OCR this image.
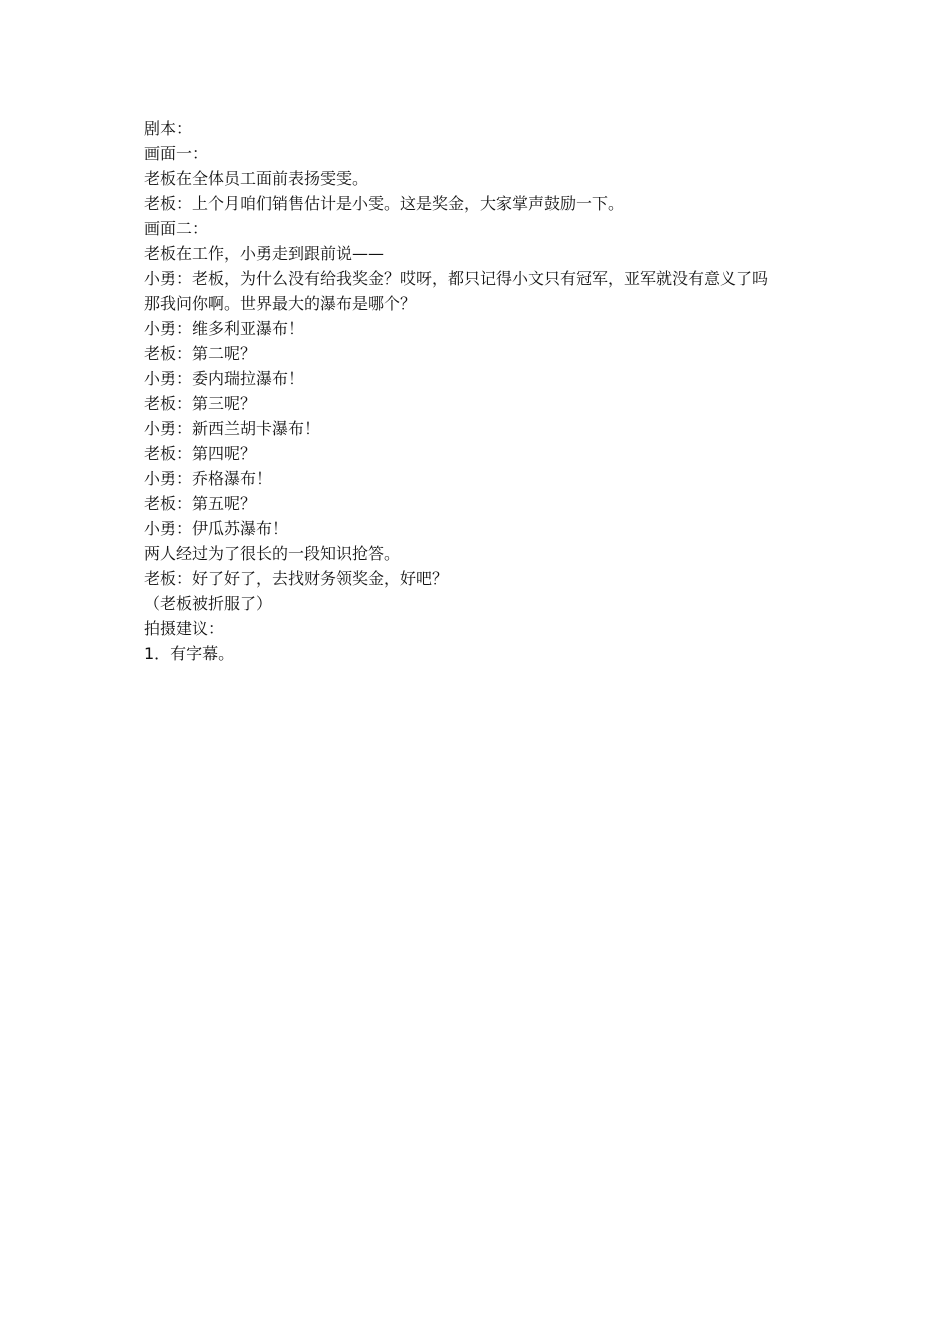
剧本：

画面一：

老板在全体员工面前表扬雯雯。

老板：上个月咱们销售估计是小雯。这是奖金，大家掌声鼓励一下。

画面二：

老板在工作，小勇走到跟前说——

小勇：老板，为什么没有给我奖金？哎呀，都只记得小文只有冠军，亚军就没有意义了吗

那我问你啊。世界最大的瀑布是哪个？

小勇：维多利亚瀑布！

老板：第二呢？

小勇：委内瑞拉瀑布！

老板：第三呢？

小勇：新西兰胡卡瀑布！

老板：第四呢？

小勇：乔格瀑布！

老板：第五呢？

小勇：伊瓜苏瀑布！

两人经过为了很长的一段知识抢答。

老板：好了好了，去找财务领奖金，好吧？

（老板被折服了）

拍摄建议：

1．有字幕。
